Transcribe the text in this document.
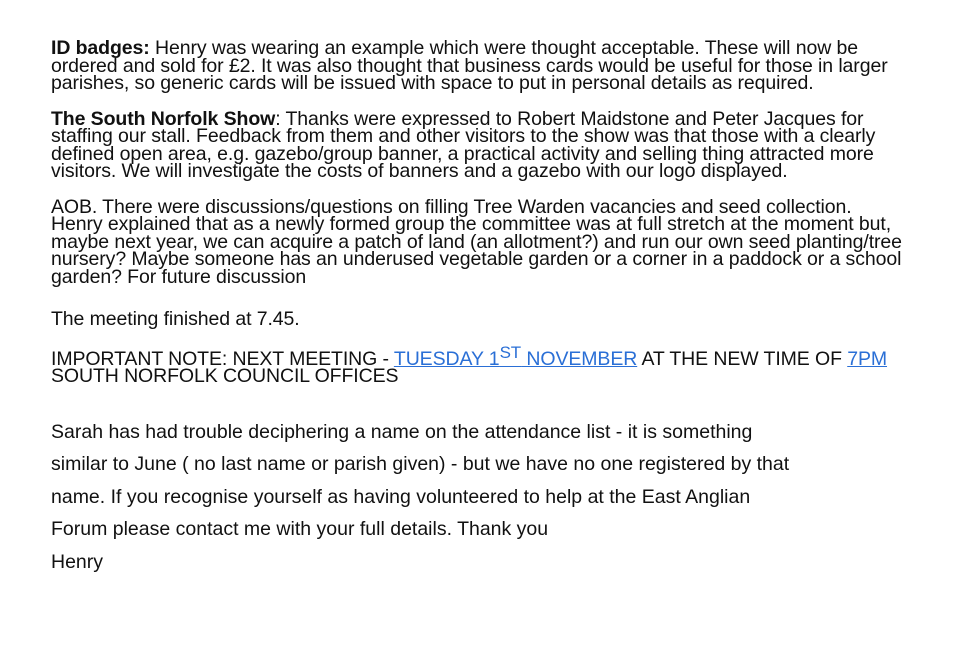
ID badges: Henry was wearing an example which were thought acceptable. These will now be ordered and sold for £2. It was also thought that business cards would be useful for those in larger parishes, so generic cards will be issued with space to put in personal details as required.

The South Norfolk Show: Thanks were expressed to Robert Maidstone and Peter Jacques for staffing our stall. Feedback from them and other visitors to the show was that those with a clearly defined open area, e.g. gazebo/group banner, a practical activity and selling thing attracted more visitors. We will investigate the costs of banners and a gazebo with our logo displayed.

AOB. There were discussions/questions on filling Tree Warden vacancies and seed collection.
Henry explained that as a newly formed group the committee was at full stretch at the moment but, maybe next year, we can acquire a patch of land (an allotment?) and run our own seed planting/tree nursery? Maybe someone has an underused vegetable garden or a corner in a paddock or a school garden? For future discussion

The meeting finished at 7.45.

IMPORTANT NOTE: NEXT MEETING - TUESDAY 1ST NOVEMBER AT THE NEW TIME OF 7PM SOUTH NORFOLK COUNCIL OFFICES

Sarah has had trouble deciphering a name on the attendance list - it is something

similar to June ( no last name or parish given) - but we have no one registered by that

name. If you recognise yourself as having volunteered to help at the East Anglian

Forum please contact me with your full details. Thank you

Henry
